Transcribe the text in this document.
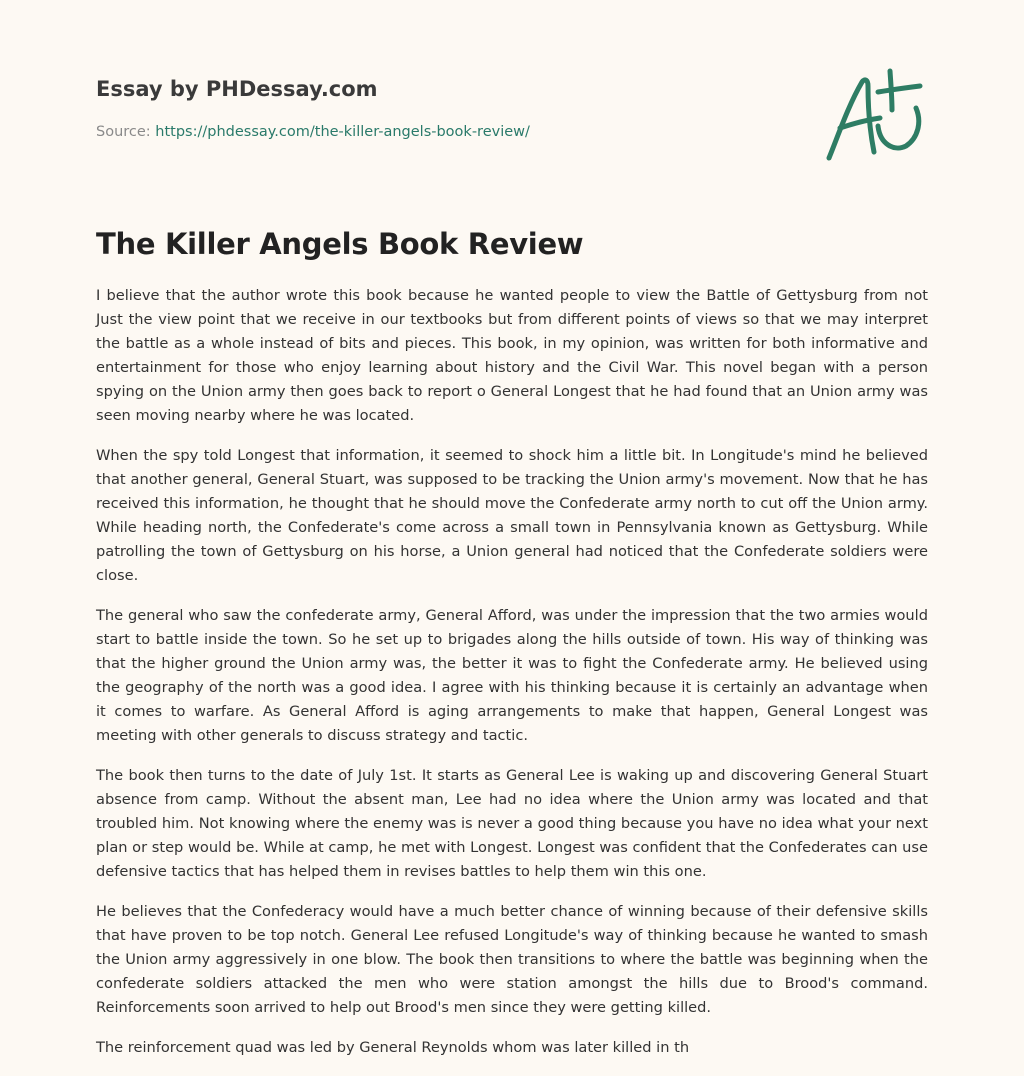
Essay by PHDessay.com
Source: https://phdessay.com/the-killer-angels-book-review/
The Killer Angels Book Review

I believe that the author wrote this book because he wanted people to view the Battle of Gettysburg from not Just the view point that we receive in our textbooks but from different points of views so that we may interpret the battle as a whole instead of bits and pieces. This book, in my opinion, was written for both informative and entertainment for those who enjoy learning about history and the Civil War. This novel began with a person spying on the Union army then goes back to report o General Longest that he had found that an Union army was seen moving nearby where he was located.

When the spy told Longest that information, it seemed to shock him a little bit. In Longitude's mind he believed that another general, General Stuart, was supposed to be tracking the Union army's movement. Now that he has received this information, he thought that he should move the Confederate army north to cut off the Union army. While heading north, the Confederate's come across a small town in Pennsylvania known as Gettysburg. While patrolling the town of Gettysburg on his horse, a Union general had noticed that the Confederate soldiers were close.

The general who saw the confederate army, General Afford, was under the impression that the two armies would start to battle inside the town. So he set up to brigades along the hills outside of town. His way of thinking was that the higher ground the Union army was, the better it was to fight the Confederate army. He believed using the geography of the north was a good idea. I agree with his thinking because it is certainly an advantage when it comes to warfare. As General Afford is aging arrangements to make that happen, General Longest was meeting with other generals to discuss strategy and tactic.

The book then turns to the date of July 1st. It starts as General Lee is waking up and discovering General Stuart absence from camp. Without the absent man, Lee had no idea where the Union army was located and that troubled him. Not knowing where the enemy was is never a good thing because you have no idea what your next plan or step would be. While at camp, he met with Longest. Longest was confident that the Confederates can use defensive tactics that has helped them in revises battles to help them win this one.

He believes that the Confederacy would have a much better chance of winning because of their defensive skills that have proven to be top notch. General Lee refused Longitude's way of thinking because he wanted to smash the Union army aggressively in one blow. The book then transitions to where the battle was beginning when the confederate soldiers attacked the men who were station amongst the hills due to Brood's command. Reinforcements soon arrived to help out Brood's men since they were getting killed.

The reinforcement quad was led by General Reynolds whom was later killed in th
